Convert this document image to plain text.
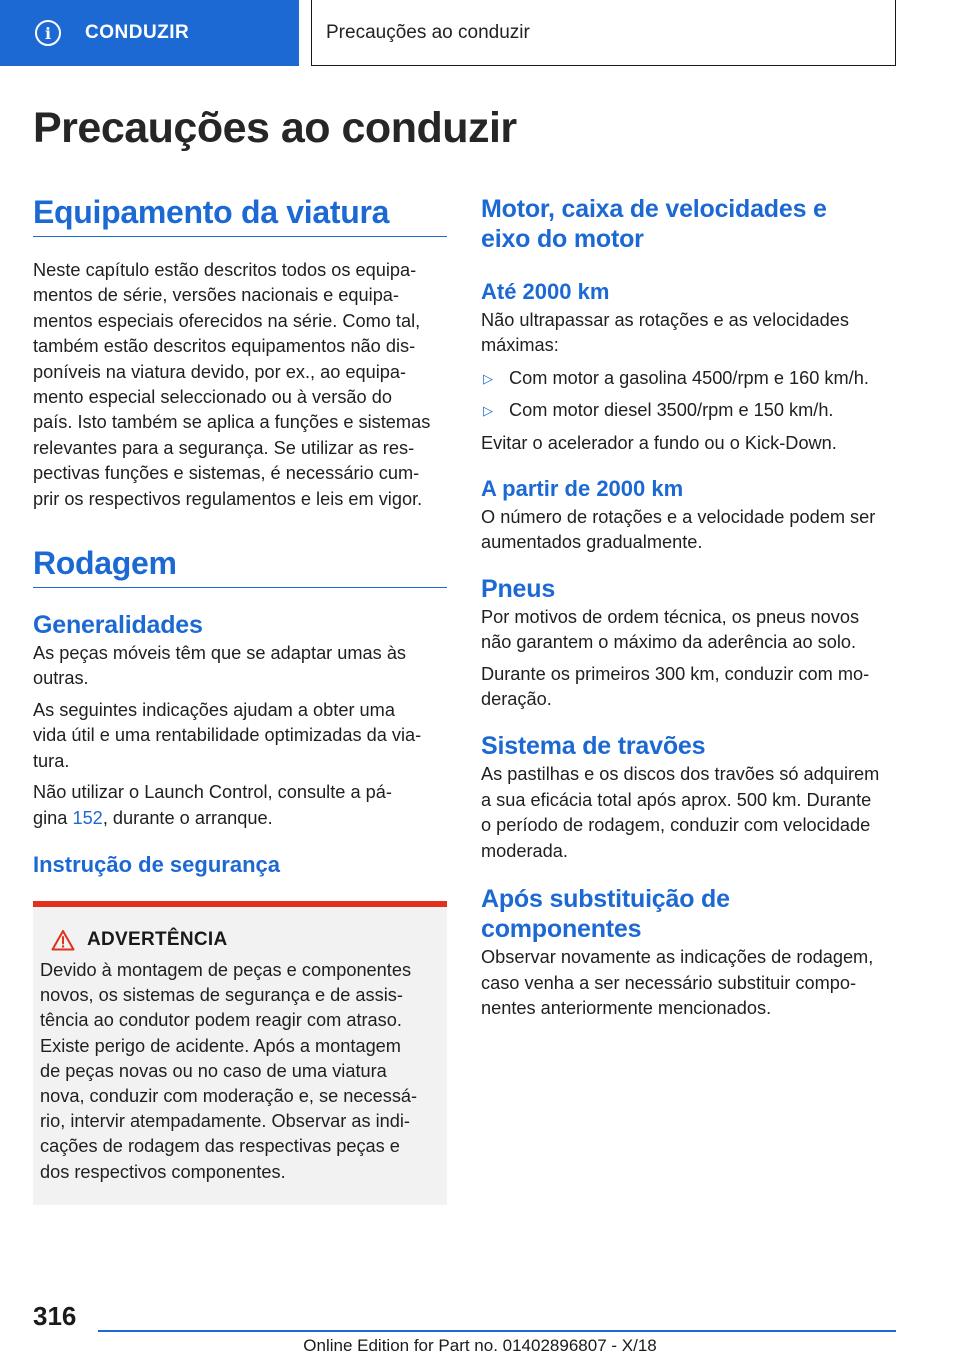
i	CONDUZIR	Precauções ao conduzir
Precauções ao conduzir
Equipamento da viatura

Neste capítulo estão descritos todos os equipa-
mentos de série, versões nacionais e equipa-
mentos especiais oferecidos na série. Como tal,
também estão descritos equipamentos não dis-
poníveis na viatura devido, por ex., ao equipa-
mento especial seleccionado ou à versão do
país. Isto também se aplica a funções e sistemas
relevantes para a segurança. Se utilizar as res-
pectivas funções e sistemas, é necessário cum-
prir os respectivos regulamentos e leis em vigor.

Rodagem
Generalidades

As peças móveis têm que se adaptar umas às
outras.

As seguintes indicações ajudam a obter uma
vida útil e uma rentabilidade optimizadas da via-
tura.

Não utilizar o Launch Control, consulte a pá-
gina 152, durante o arranque.

Instrução de segurança
ADVERTÊNCIA

Devido à montagem de peças e componentes
novos, os sistemas de segurança e de assis-
tência ao condutor podem reagir com atraso.
Existe perigo de acidente. Após a montagem
de peças novas ou no caso de uma viatura
nova, conduzir com moderação e, se necessá-
rio, intervir atempadamente. Observar as indi-
cações de rodagem das respectivas peças e
dos respectivos componentes.

Motor, caixa de velocidades e
eixo do motor
Até 2000 km

Não ultrapassar as rotações e as velocidades
máximas:

▷ Com motor a gasolina 4500/rpm e 160 km/h.
▷ Com motor diesel 3500/rpm e 150 km/h.

Evitar o acelerador a fundo ou o Kick-Down.

A partir de 2000 km

O número de rotações e a velocidade podem ser
aumentados gradualmente.

Pneus

Por motivos de ordem técnica, os pneus novos
não garantem o máximo da aderência ao solo.

Durante os primeiros 300 km, conduzir com mo-
deração.

Sistema de travões

As pastilhas e os discos dos travões só adquirem
a sua eficácia total após aprox. 500 km. Durante
o período de rodagem, conduzir com velocidade
moderada.

Após substituição de
componentes

Observar novamente as indicações de rodagem,
caso venha a ser necessário substituir compo-
nentes anteriormente mencionados.

316
Online Edition for Part no. 01402896807 - X/18
